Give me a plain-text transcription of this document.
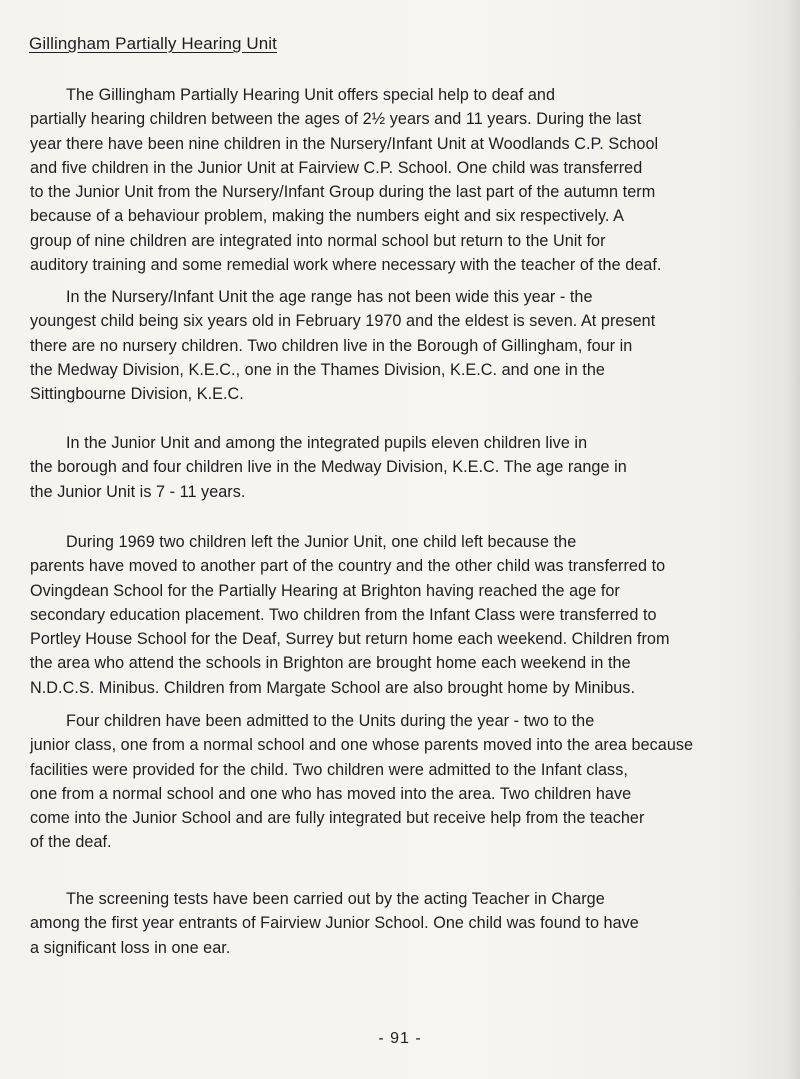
Gillingham Partially Hearing Unit

The Gillingham Partially Hearing Unit offers special help to deaf and
partially hearing children between the ages of 2½ years and 11 years. During the last
year there have been nine children in the Nursery/Infant Unit at Woodlands C.P. School
and five children in the Junior Unit at Fairview C.P. School. One child was transferred
to the Junior Unit from the Nursery/Infant Group during the last part of the autumn term
because of a behaviour problem, making the numbers eight and six respectively. A
group of nine children are integrated into normal school but return to the Unit for
auditory training and some remedial work where necessary with the teacher of the deaf.

In the Nursery/Infant Unit the age range has not been wide this year - the
youngest child being six years old in February 1970 and the eldest is seven. At present
there are no nursery children. Two children live in the Borough of Gillingham, four in
the Medway Division, K.E.C., one in the Thames Division, K.E.C. and one in the
Sittingbourne Division, K.E.C.

In the Junior Unit and among the integrated pupils eleven children live in
the borough and four children live in the Medway Division, K.E.C. The age range in
the Junior Unit is 7 - 11 years.

During 1969 two children left the Junior Unit, one child left because the
parents have moved to another part of the country and the other child was transferred to
Ovingdean School for the Partially Hearing at Brighton having reached the age for
secondary education placement. Two children from the Infant Class were transferred to
Portley House School for the Deaf, Surrey but return home each weekend. Children from
the area who attend the schools in Brighton are brought home each weekend in the
N.D.C.S. Minibus. Children from Margate School are also brought home by Minibus.

Four children have been admitted to the Units during the year - two to the
junior class, one from a normal school and one whose parents moved into the area because
facilities were provided for the child. Two children were admitted to the Infant class,
one from a normal school and one who has moved into the area. Two children have
come into the Junior School and are fully integrated but receive help from the teacher
of the deaf.

The screening tests have been carried out by the acting Teacher in Charge
among the first year entrants of Fairview Junior School. One child was found to have
a significant loss in one ear.

- 91 -
